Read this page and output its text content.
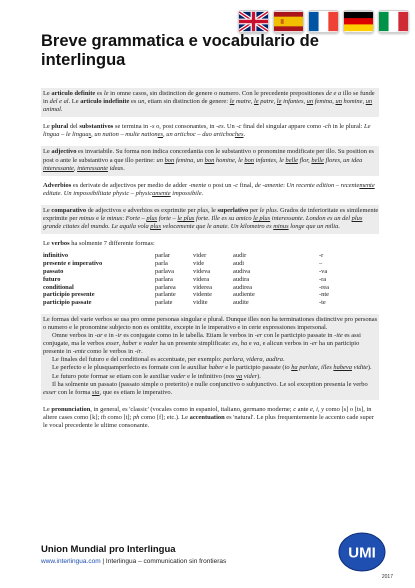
Breve grammatica e vocabulario de interlingua

Le articulo definite es le in omne casos, sin distinction de genere o numero. Con le precedente prepositiones de e a illo se funde in del e al. Le articulo indefinite es un, etiam sin distinction de genere: le matre, le patre, le infantes, un femina, un homine, un animal.

Le plural del substantivos se termina in -s o, post consonantes, in -es. Un -c final del singular appare como -ch in le plural: Le lingua – le linguas, un nation – multe nationes, un artichoc – duo artichoches.

Le adjectivo es invariabile. Su forma non indica concordantia con le substantivo o pronomine modificate per illo. Su position es post o ante le substantivo a que illo pertine: un bon femina, un bon homine, le bon infantes, le belle flor, belle flores, un idea interessante, interessante ideas.

Adverbios es derivate de adjectivos per medio de adder -mente o post un -c final, de -amente: Un recente edition – recentemente editate. Un impossibilitate physic – physicamente impossibile.

Le comparativo de adjectivos e adverbios es exprimite per plus, le superlativo per le plus. Grados de inferioritate es similemente exprimite per minus e le minus: Forte – plus forte – le plus forte. Ille es su amico le plus interessante. London es un del plus grande citates del mundo. Le aquila vola plus velocemente que le anate. Un kilometro es minus longe que un milia.

Le verbos ha solmente 7 differente formas:

infinitivo	parlar	vider	audir	-r
presente e imperativo	parla	vide	audi	–
passato	parlava	videva	audiva	-va
futuro	parlara	videra	audira	-ra
conditional	parlarea	viderea	audirea	-rea
participio presente	parlante	vidente	audiente	-nte
participio passate	parlate	vidite	audite	-te

Le formas del varie verbos se usa pro omne personas singular e plural. Dunque illes non ha terminationes distinctive pro personas o numero e le pronomine subjecto non es omittite, excepte in le imperativo e in certe expressiones impersonal.

Omne verbos in -ar e in -ir es conjugate como in le tabella. Etiam le verbos in -er con le participio passate in -ite es assi conjugate, ma le verbos esser, haber e vader ha un presente simplificate: es, ha e va, e alicun verbos in -er ha un participio presente in -ente como le verbos in -ir.

Le finales del futuro e del conditional es accentuate, per exemplo: parlara, videra, audira.

Le perfecto e le plusquamperfecto es formate con le auxiliar haber e le participio passate (io ha parlate, illes habeva vidite).

Le futuro pote formar se etiam con le auxiliar vader e le infinitivo (nos va vider).

Il ha solmente un passato (passato simple o preterito) e nulle conjunctivo o subjunctivo. Le sol exception presenta le verbo esser con le forma sia, que es etiam le imperativo.

Le pronunciation, in general, es 'classic' (vocales como in espaniol, italiano, germano moderne; c ante e, i, y como [s] o [ts], in altere cases como [k]; th como [t]; ph como [f]; etc.). Le accentuation es 'natural'. Le plus frequentemente le accento cade super le vocal precedente le ultime consonante.

Union Mundial pro Interlingua
www.interlingua.com | Interlingua – communication sin frontieras	UMI
2017
